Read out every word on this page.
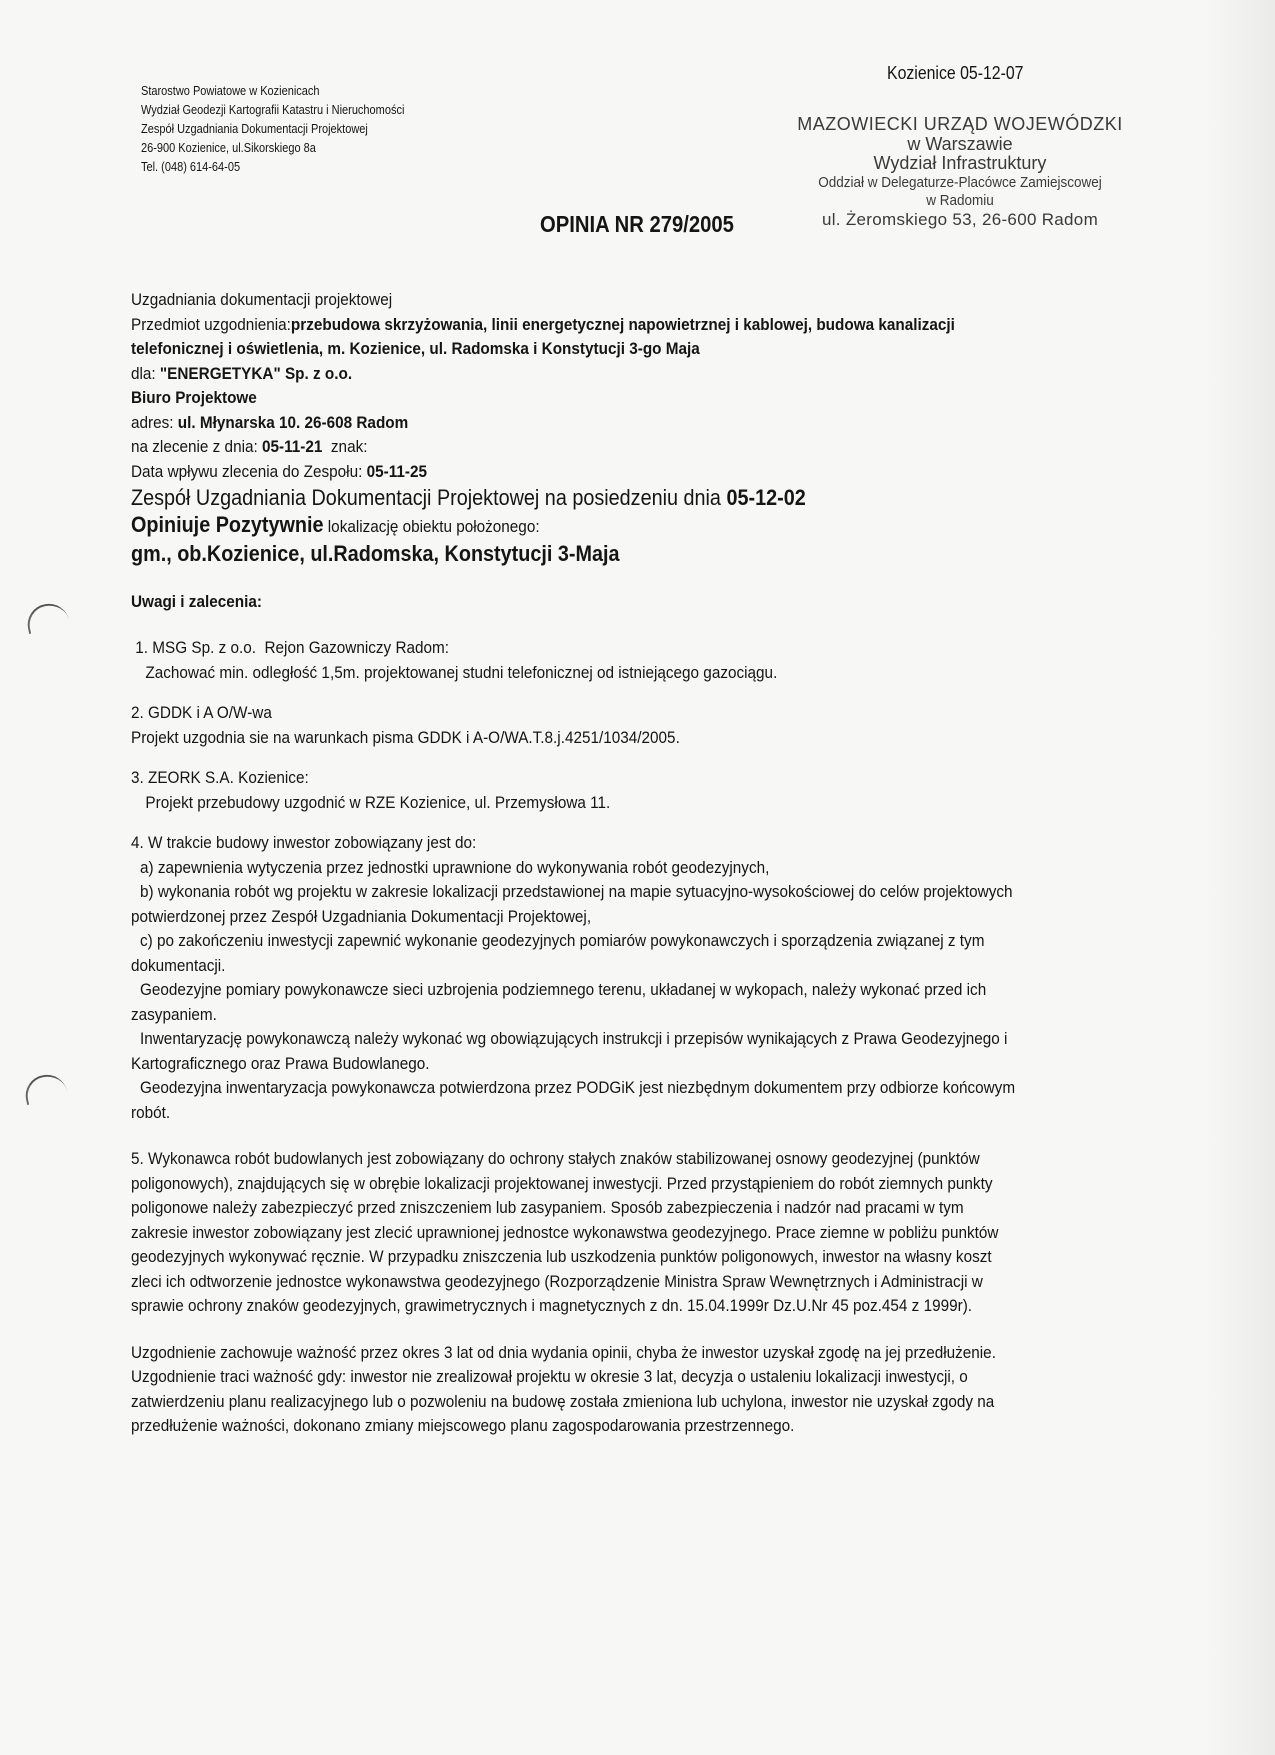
Starostwo Powiatowe w Kozienicach
Wydział Geodezji Kartografii Katastru i Nieruchomości
Zespół Uzgadniania Dokumentacji Projektowej
26-900 Kozienice, ul.Sikorskiego 8a
Tel. (048) 614-64-05
Kozienice 05-12-07
MAZOWIECKI URZĄD WOJEWÓDZKI
w Warszawie
Wydział Infrastruktury
Oddział w Delegaturze-Placówce Zamiejscowej
w Radomiu
ul. Żeromskiego 53, 26-600 Radom
OPINIA NR 279/2005
Uzgadniania dokumentacji projektowej
Przedmiot uzgodnienia:przebudowa skrzyżowania, linii energetycznej napowietrznej i kablowej, budowa kanalizacji
telefonicznej i oświetlenia, m. Kozienice, ul. Radomska i Konstytucji 3-go Maja
dla: "ENERGETYKA" Sp. z o.o.
Biuro Projektowe
adres: ul. Młynarska 10. 26-608 Radom
na zlecenie z dnia: 05-11-21  znak:
Data wpływu zlecenia do Zespołu: 05-11-25
Zespół Uzgadniania Dokumentacji Projektowej na posiedzeniu dnia 05-12-02
Opiniuje Pozytywnie lokalizację obiektu położonego:
gm., ob.Kozienice, ul.Radomska, Konstytucji 3-Maja
Uwagi i zalecenia:
1. MSG Sp. z o.o.  Rejon Gazowniczy Radom:
Zachować min. odległość 1,5m. projektowanej studni telefonicznej od istniejącego gazociągu.
2. GDDK i A O/W-wa
Projekt uzgodnia sie na warunkach pisma GDDK i A-O/WA.T.8.j.4251/1034/2005.
3. ZEORK S.A. Kozienice:
Projekt przebudowy uzgodnić w RZE Kozienice, ul. Przemysłowa 11.
4. W trakcie budowy inwestor zobowiązany jest do:
a) zapewnienia wytyczenia przez jednostki uprawnione do wykonywania robót geodezyjnych,
b) wykonania robót wg projektu w zakresie lokalizacji przedstawionej na mapie sytuacyjno-wysokościowej do celów projektowych
potwierdzonej przez Zespół Uzgadniania Dokumentacji Projektowej,
c) po zakończeniu inwestycji zapewnić wykonanie geodezyjnych pomiarów powykonawczych i sporządzenia związanej z tym
dokumentacji.
Geodezyjne pomiary powykonawcze sieci uzbrojenia podziemnego terenu, układanej w wykopach, należy wykonać przed ich
zasypaniem.
Inwentaryzację powykonawczą należy wykonać wg obowiązujących instrukcji i przepisów wynikających z Prawa Geodezyjnego i
Kartograficznego oraz Prawa Budowlanego.
Geodezyjna inwentaryzacja powykonawcza potwierdzona przez PODGiK jest niezbędnym dokumentem przy odbiorze końcowym
robót.
5. Wykonawca robót budowlanych jest zobowiązany do ochrony stałych znaków stabilizowanej osnowy geodezyjnej (punktów
poligonowych), znajdujących się w obrębie lokalizacji projektowanej inwestycji. Przed przystąpieniem do robót ziemnych punkty
poligonowe należy zabezpieczyć przed zniszczeniem lub zasypaniem. Sposób zabezpieczenia i nadzór nad pracami w tym
zakresie inwestor zobowiązany jest zlecić uprawnionej jednostce wykonawstwa geodezyjnego. Prace ziemne w pobliżu punktów
geodezyjnych wykonywać ręcznie. W przypadku zniszczenia lub uszkodzenia punktów poligonowych, inwestor na własny koszt
zleci ich odtworzenie jednostce wykonawstwa geodezyjnego (Rozporządzenie Ministra Spraw Wewnętrznych i Administracji w
sprawie ochrony znaków geodezyjnych, grawimetrycznych i magnetycznych z dn. 15.04.1999r Dz.U.Nr 45 poz.454 z 1999r).
Uzgodnienie zachowuje ważność przez okres 3 lat od dnia wydania opinii, chyba że inwestor uzyskał zgodę na jej przedłużenie.
Uzgodnienie traci ważność gdy: inwestor nie zrealizował projektu w okresie 3 lat, decyzja o ustaleniu lokalizacji inwestycji, o
zatwierdzeniu planu realizacyjnego lub o pozwoleniu na budowę została zmieniona lub uchylona, inwestor nie uzyskał zgody na
przedłużenie ważności, dokonano zmiany miejscowego planu zagospodarowania przestrzennego.
